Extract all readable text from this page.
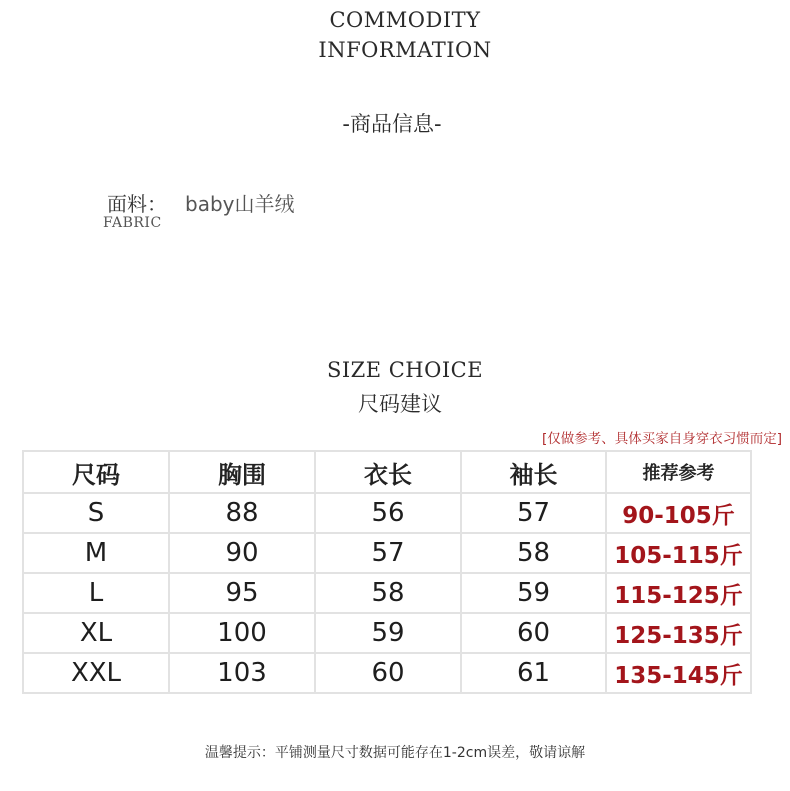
COMMODITY
INFORMATION
-商品信息-
面料： baby山羊绒
FABRIC
SIZE CHOICE
尺码建议
[仅做参考、具体买家自身穿衣习惯而定]
尺码	胸围	衣长	袖长	推荐参考
S	88	56	57	90-105斤
M	90	57	58	105-115斤
L	95	58	59	115-125斤
XL	100	59	60	125-135斤
XXL	103	60	61	135-145斤
温馨提示：平铺测量尺寸数据可能存在1-2cm误差，敬请谅解
